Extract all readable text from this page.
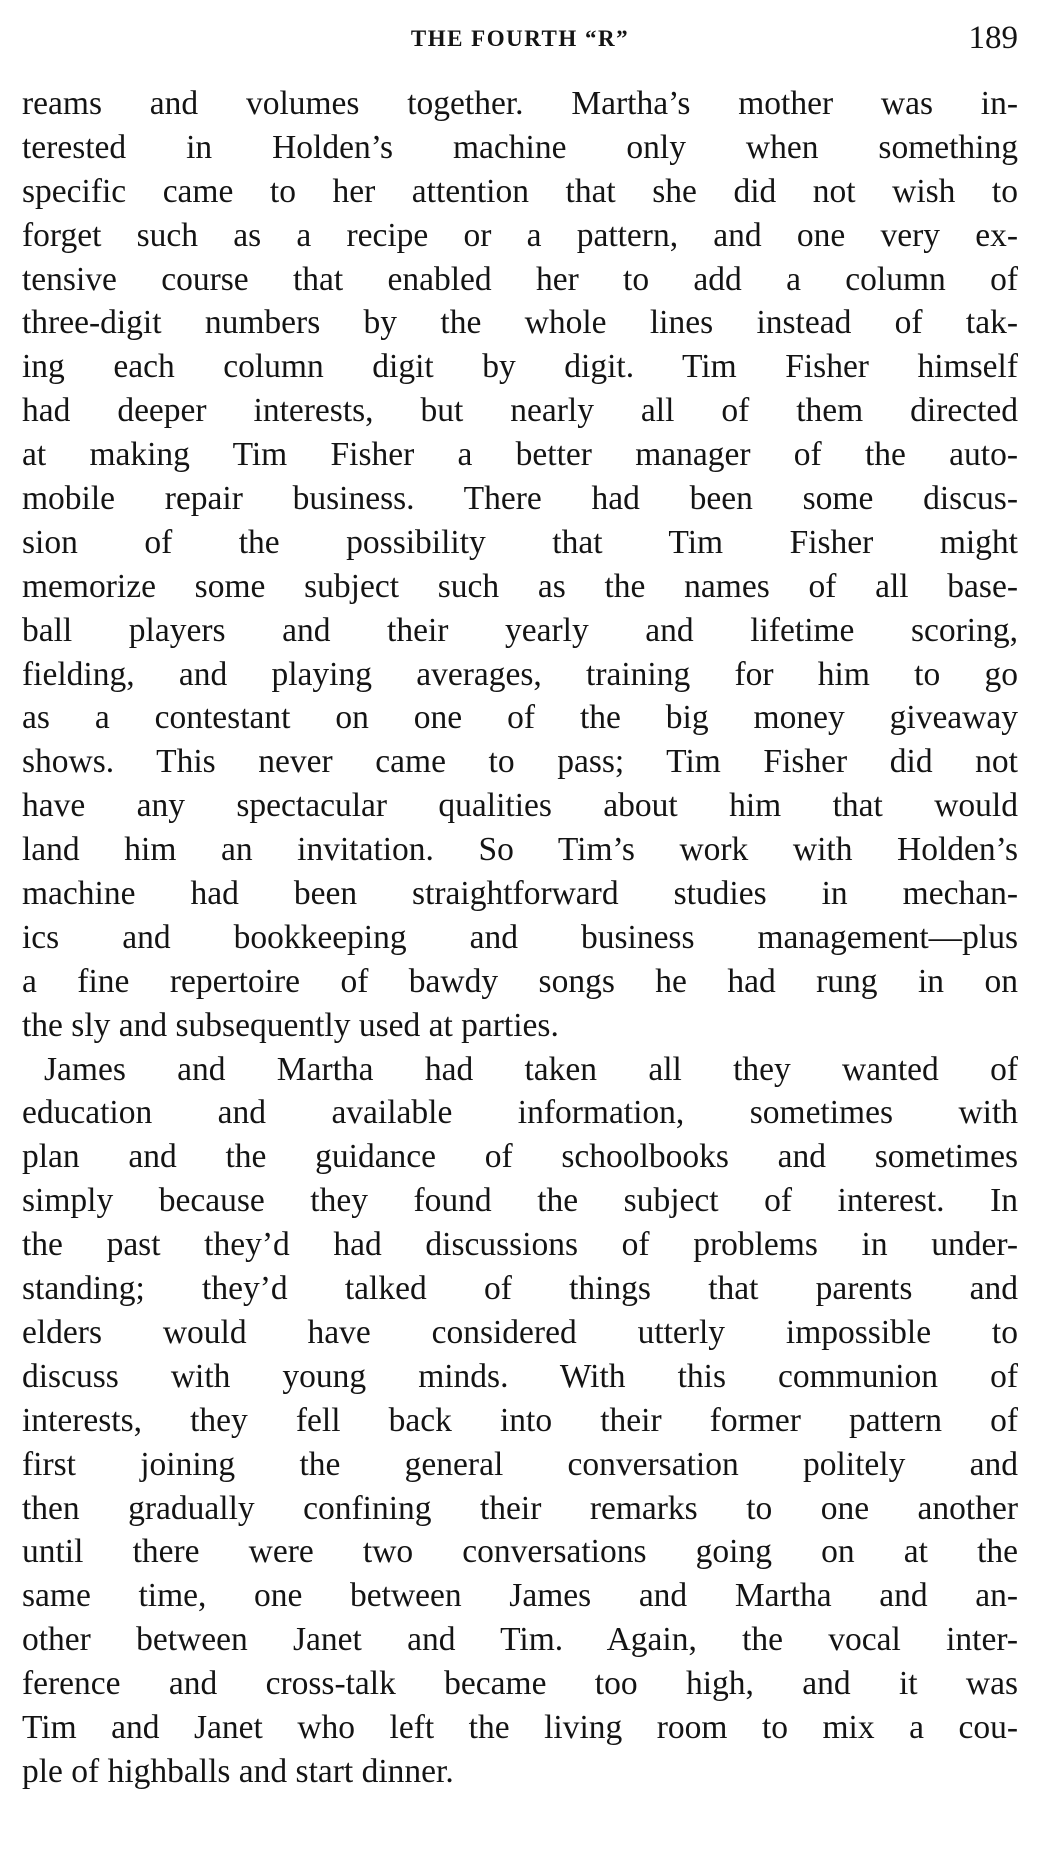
THE FOURTH “R”	189

reams and volumes together. Martha’s mother was in-
terested in Holden’s machine only when something
specific came to her attention that she did not wish to
forget such as a recipe or a pattern, and one very ex-
tensive course that enabled her to add a column of
three-digit numbers by the whole lines instead of tak-
ing each column digit by digit. Tim Fisher himself
had deeper interests, but nearly all of them directed
at making Tim Fisher a better manager of the auto-
mobile repair business. There had been some discus-
sion of the possibility that Tim Fisher might
memorize some subject such as the names of all base-
ball players and their yearly and lifetime scoring,
fielding, and playing averages, training for him to go
as a contestant on one of the big money giveaway
shows. This never came to pass; Tim Fisher did not
have any spectacular qualities about him that would
land him an invitation. So Tim’s work with Holden’s
machine had been straightforward studies in mechan-
ics and bookkeeping and business management—plus
a fine repertoire of bawdy songs he had rung in on
the sly and subsequently used at parties.

James and Martha had taken all they wanted of
education and available information, sometimes with
plan and the guidance of schoolbooks and sometimes
simply because they found the subject of interest. In
the past they’d had discussions of problems in under-
standing; they’d talked of things that parents and
elders would have considered utterly impossible to
discuss with young minds. With this communion of
interests, they fell back into their former pattern of
first joining the general conversation politely and
then gradually confining their remarks to one another
until there were two conversations going on at the
same time, one between James and Martha and an-
other between Janet and Tim. Again, the vocal inter-
ference and cross-talk became too high, and it was
Tim and Janet who left the living room to mix a cou-
ple of highballs and start dinner.
